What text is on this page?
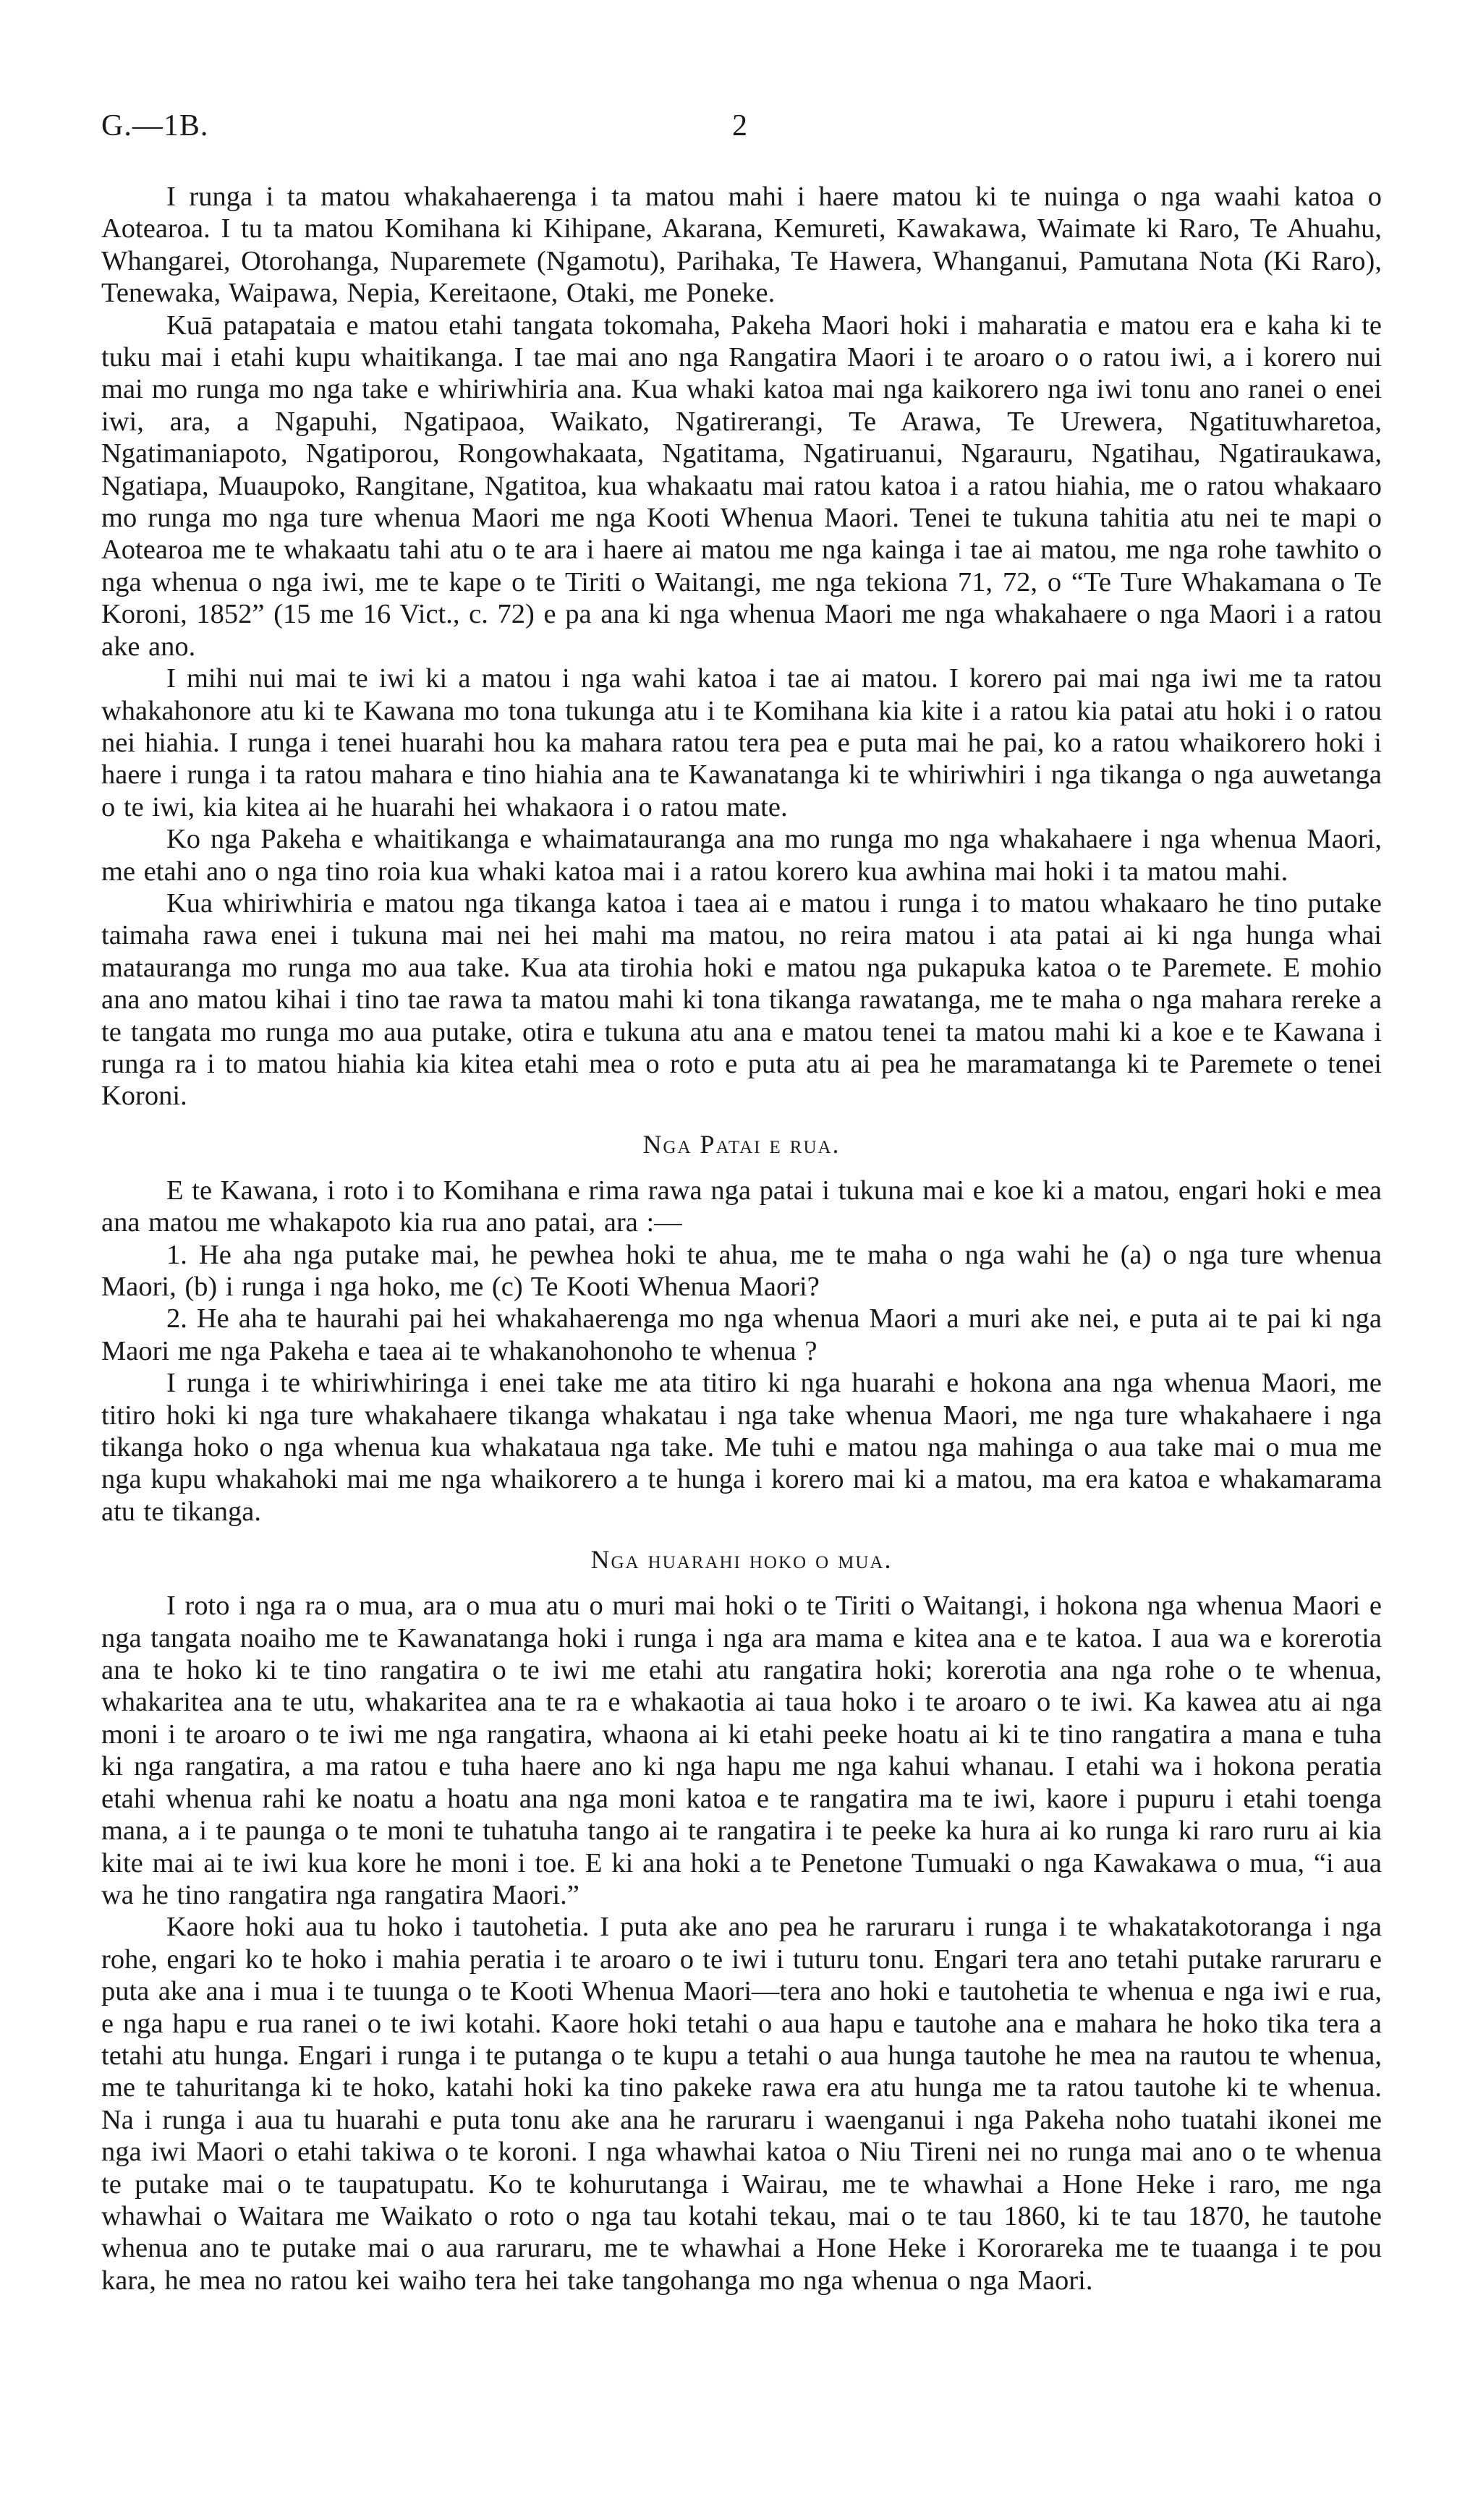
G.—1B.	2

I runga i ta matou whakahaerenga i ta matou mahi i haere matou ki te nuinga o nga waahi katoa o Aotearoa. I tu ta matou Komihana ki Kihipane, Akarana, Kemureti, Kawakawa, Waimate ki Raro, Te Ahuahu, Whangarei, Otorohanga, Nuparemete (Ngamotu), Parihaka, Te Hawera, Whanganui, Pamutana Nota (Ki Raro), Tenewaka, Waipawa, Nepia, Kereitaone, Otaki, me Poneke.

Kuā patapataia e matou etahi tangata tokomaha, Pakeha Maori hoki i maharatia e matou era e kaha ki te tuku mai i etahi kupu whaitikanga. I tae mai ano nga Rangatira Maori i te aroaro o o ratou iwi, a i korero nui mai mo runga mo nga take e whiriwhiria ana. Kua whaki katoa mai nga kaikorero nga iwi tonu ano ranei o enei iwi, ara, a Ngapuhi, Ngatipaoa, Waikato, Ngatirerangi, Te Arawa, Te Urewera, Ngatituwharetoa, Ngatimaniapoto, Ngatiporou, Rongowhakaata, Ngatitama, Ngatiruanui, Ngarauru, Ngatihau, Ngatiraukawa, Ngatiapa, Muaupoko, Rangitane, Ngatitoa, kua whakaatu mai ratou katoa i a ratou hiahia, me o ratou whakaaro mo runga mo nga ture whenua Maori me nga Kooti Whenua Maori. Tenei te tukuna tahitia atu nei te mapi o Aotearoa me te whakaatu tahi atu o te ara i haere ai matou me nga kainga i tae ai matou, me nga rohe tawhito o nga whenua o nga iwi, me te kape o te Tiriti o Waitangi, me nga tekiona 71, 72, o “Te Ture Whakamana o Te Koroni, 1852” (15 me 16 Vict., c. 72) e pa ana ki nga whenua Maori me nga whakahaere o nga Maori i a ratou ake ano.

I mihi nui mai te iwi ki a matou i nga wahi katoa i tae ai matou. I korero pai mai nga iwi me ta ratou whakahonore atu ki te Kawana mo tona tukunga atu i te Komihana kia kite i a ratou kia patai atu hoki i o ratou nei hiahia. I runga i tenei huarahi hou ka mahara ratou tera pea e puta mai he pai, ko a ratou whaikorero hoki i haere i runga i ta ratou mahara e tino hiahia ana te Kawanatanga ki te whiriwhiri i nga tikanga o nga auwetanga o te iwi, kia kitea ai he huarahi hei whakaora i o ratou mate.

Ko nga Pakeha e whaitikanga e whaimatauranga ana mo runga mo nga whakahaere i nga whenua Maori, me etahi ano o nga tino roia kua whaki katoa mai i a ratou korero kua awhina mai hoki i ta matou mahi.

Kua whiriwhiria e matou nga tikanga katoa i taea ai e matou i runga i to matou whakaaro he tino putake taimaha rawa enei i tukuna mai nei hei mahi ma matou, no reira matou i ata patai ai ki nga hunga whai matauranga mo runga mo aua take. Kua ata tirohia hoki e matou nga pukapuka katoa o te Paremete. E mohio ana ano matou kihai i tino tae rawa ta matou mahi ki tona tikanga rawatanga, me te maha o nga mahara rereke a te tangata mo runga mo aua putake, otira e tukuna atu ana e matou tenei ta matou mahi ki a koe e te Kawana i runga ra i to matou hiahia kia kitea etahi mea o roto e puta atu ai pea he maramatanga ki te Paremete o tenei Koroni.

Nga Patai e rua.

E te Kawana, i roto i to Komihana e rima rawa nga patai i tukuna mai e koe ki a matou, engari hoki e mea ana matou me whakapoto kia rua ano patai, ara :—

1. He aha nga putake mai, he pewhea hoki te ahua, me te maha o nga wahi he (a) o nga ture whenua Maori, (b) i runga i nga hoko, me (c) Te Kooti Whenua Maori?

2. He aha te haurahi pai hei whakahaerenga mo nga whenua Maori a muri ake nei, e puta ai te pai ki nga Maori me nga Pakeha e taea ai te whakanohonoho te whenua ?

I runga i te whiriwhiringa i enei take me ata titiro ki nga huarahi e hokona ana nga whenua Maori, me titiro hoki ki nga ture whakahaere tikanga whakatau i nga take whenua Maori, me nga ture whakahaere i nga tikanga hoko o nga whenua kua whakataua nga take. Me tuhi e matou nga mahinga o aua take mai o mua me nga kupu whakahoki mai me nga whaikorero a te hunga i korero mai ki a matou, ma era katoa e whakamarama atu te tikanga.

Nga huarahi hoko o mua.

I roto i nga ra o mua, ara o mua atu o muri mai hoki o te Tiriti o Waitangi, i hokona nga whenua Maori e nga tangata noaiho me te Kawanatanga hoki i runga i nga ara mama e kitea ana e te katoa. I aua wa e korerotia ana te hoko ki te tino rangatira o te iwi me etahi atu rangatira hoki; korerotia ana nga rohe o te whenua, whakaritea ana te utu, whakaritea ana te ra e whakaotia ai taua hoko i te aroaro o te iwi. Ka kawea atu ai nga moni i te aroaro o te iwi me nga rangatira, whaona ai ki etahi peeke hoatu ai ki te tino rangatira a mana e tuha ki nga rangatira, a ma ratou e tuha haere ano ki nga hapu me nga kahui whanau. I etahi wa i hokona peratia etahi whenua rahi ke noatu a hoatu ana nga moni katoa e te rangatira ma te iwi, kaore i pupuru i etahi toenga mana, a i te paunga o te moni te tuhatuha tango ai te rangatira i te peeke ka hura ai ko runga ki raro ruru ai kia kite mai ai te iwi kua kore he moni i toe. E ki ana hoki a te Penetone Tumuaki o nga Kawakawa o mua, “i aua wa he tino rangatira nga rangatira Maori.”

Kaore hoki aua tu hoko i tautohetia. I puta ake ano pea he raruraru i runga i te whakatakotoranga i nga rohe, engari ko te hoko i mahia peratia i te aroaro o te iwi i tuturu tonu. Engari tera ano tetahi putake raruraru e puta ake ana i mua i te tuunga o te Kooti Whenua Maori—tera ano hoki e tautohetia te whenua e nga iwi e rua, e nga hapu e rua ranei o te iwi kotahi. Kaore hoki tetahi o aua hapu e tautohe ana e mahara he hoko tika tera a tetahi atu hunga. Engari i runga i te putanga o te kupu a tetahi o aua hunga tautohe he mea na rautou te whenua, me te tahuritanga ki te hoko, katahi hoki ka tino pakeke rawa era atu hunga me ta ratou tautohe ki te whenua. Na i runga i aua tu huarahi e puta tonu ake ana he raruraru i waenganui i nga Pakeha noho tuatahi ikonei me nga iwi Maori o etahi takiwa o te koroni. I nga whawhai katoa o Niu Tireni nei no runga mai ano o te whenua te putake mai o te taupatupatu. Ko te kohurutanga i Wairau, me te whawhai a Hone Heke i raro, me nga whawhai o Waitara me Waikato o roto o nga tau kotahi tekau, mai o te tau 1860, ki te tau 1870, he tautohe whenua ano te putake mai o aua raruraru, me te whawhai a Hone Heke i Kororareka me te tuaanga i te pou kara, he mea no ratou kei waiho tera hei take tangohanga mo nga whenua o nga Maori.
